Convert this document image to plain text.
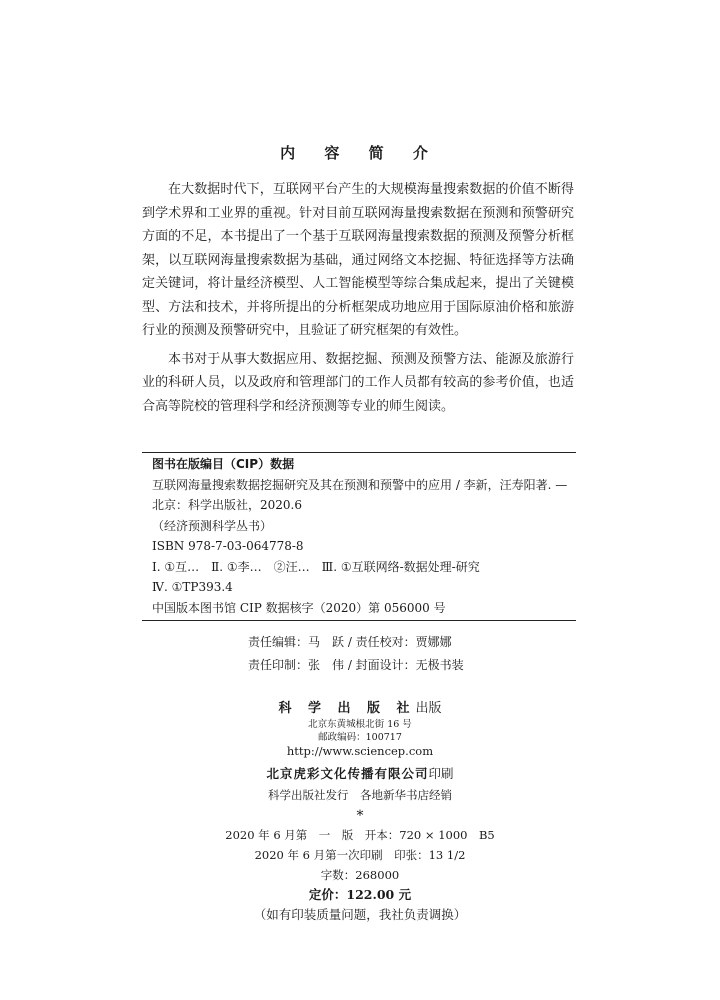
内 容 简 介

在大数据时代下，互联网平台产生的大规模海量搜索数据的价值不断得到学术界和工业界的重视。针对目前互联网海量搜索数据在预测和预警研究方面的不足，本书提出了一个基于互联网海量搜索数据的预测及预警分析框架，以互联网海量搜索数据为基础，通过网络文本挖掘、特征选择等方法确定关键词，将计量经济模型、人工智能模型等综合集成起来，提出了关键模型、方法和技术，并将所提出的分析框架成功地应用于国际原油价格和旅游行业的预测及预警研究中，且验证了研究框架的有效性。

本书对于从事大数据应用、数据挖掘、预测及预警方法、能源及旅游行业的科研人员，以及政府和管理部门的工作人员都有较高的参考价值，也适合高等院校的管理科学和经济预测等专业的师生阅读。

图书在版编目（CIP）数据
互联网海量搜索数据挖掘研究及其在预测和预警中的应用 / 李新，汪寿阳著. —北京：科学出版社，2020.6
（经济预测科学丛书）
ISBN 978-7-03-064778-8
Ⅰ. ①互…　Ⅱ. ①李…　②汪…　Ⅲ. ①互联网络-数据处理-研究
Ⅳ. ①TP393.4
中国版本图书馆 CIP 数据核字（2020）第 056000 号
责任编辑：马　跃 / 责任校对：贾娜娜
责任印制：张　伟 / 封面设计：无极书装
科 学 出 版 社出版
北京东黄城根北街 16 号
邮政编码：100717
http://www.sciencep.com
北京虎彩文化传播有限公司印刷
科学出版社发行　各地新华书店经销
*
2020 年 6 月第　一　版　开本：720 × 1000　B5
2020 年 6 月第一次印刷　印张：13 1/2
字数：268000
定价：122.00 元
（如有印装质量问题，我社负责调换）
